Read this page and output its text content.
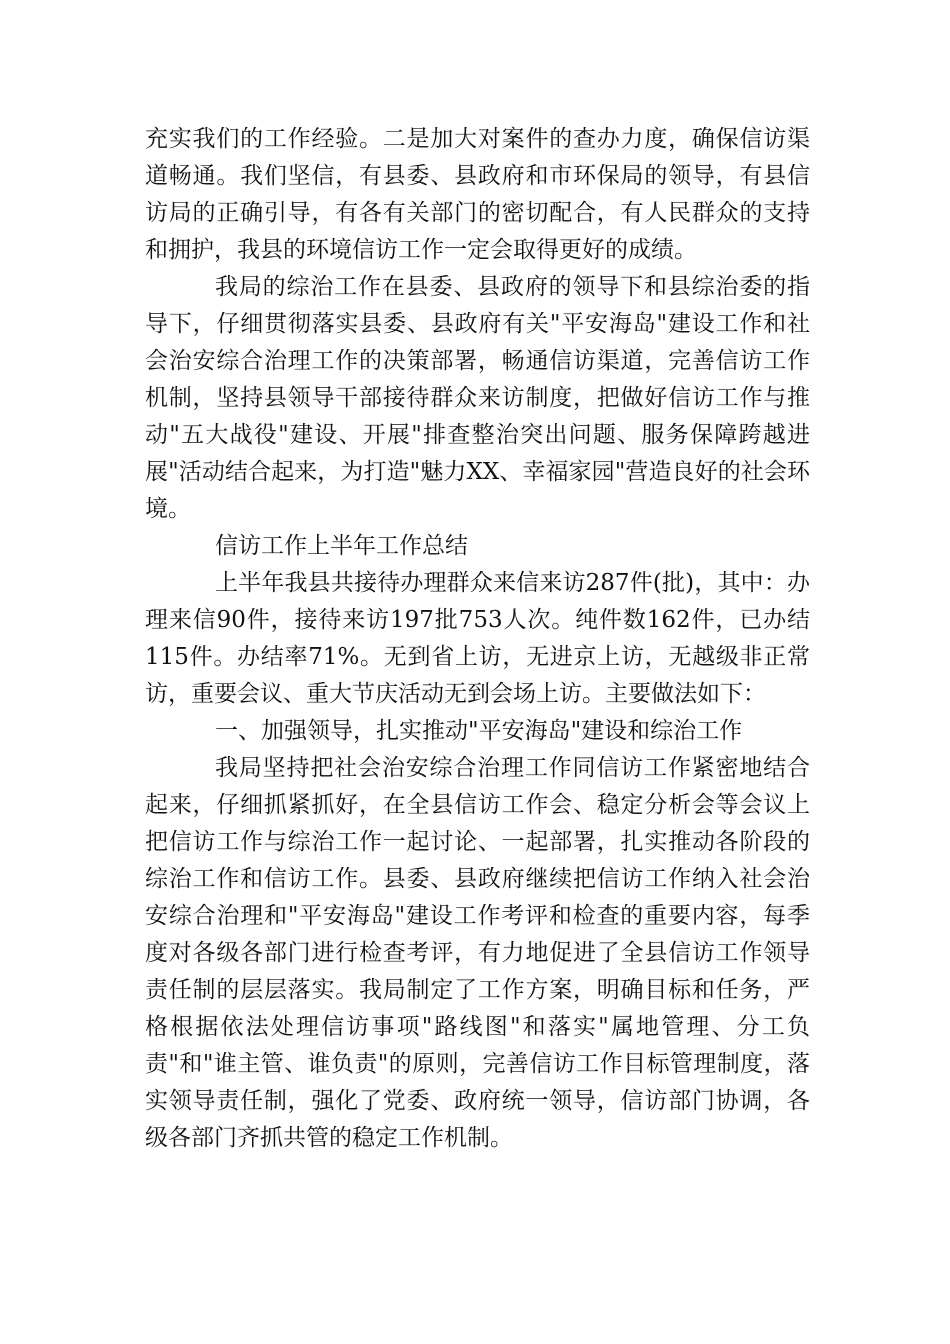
充实我们的工作经验。二是加大对案件的查办力度，确保信访渠道畅通。我们坚信，有县委、县政府和市环保局的领导，有县信访局的正确引导，有各有关部门的密切配合，有人民群众的支持和拥护，我县的环境信访工作一定会取得更好的成绩。

我局的综治工作在县委、县政府的领导下和县综治委的指导下，仔细贯彻落实县委、县政府有关"平安海岛"建设工作和社会治安综合治理工作的决策部署，畅通信访渠道，完善信访工作机制，坚持县领导干部接待群众来访制度，把做好信访工作与推动"五大战役"建设、开展"排查整治突出问题、服务保障跨越进展"活动结合起来，为打造"魅力XX、幸福家园"营造良好的社会环境。

信访工作上半年工作总结

上半年我县共接待办理群众来信来访287件(批)，其中：办理来信90件，接待来访197批753人次。纯件数162件，已办结115件。办结率71%。无到省上访，无进京上访，无越级非正常访，重要会议、重大节庆活动无到会场上访。主要做法如下：

一、加强领导，扎实推动"平安海岛"建设和综治工作

我局坚持把社会治安综合治理工作同信访工作紧密地结合起来，仔细抓紧抓好，在全县信访工作会、稳定分析会等会议上把信访工作与综治工作一起讨论、一起部署，扎实推动各阶段的综治工作和信访工作。县委、县政府继续把信访工作纳入社会治安综合治理和"平安海岛"建设工作考评和检查的重要内容，每季度对各级各部门进行检查考评，有力地促进了全县信访工作领导责任制的层层落实。我局制定了工作方案，明确目标和任务，严格根据依法处理信访事项"路线图"和落实"属地管理、分工负责"和"谁主管、谁负责"的原则，完善信访工作目标管理制度，落实领导责任制，强化了党委、政府统一领导，信访部门协调，各级各部门齐抓共管的稳定工作机制。
